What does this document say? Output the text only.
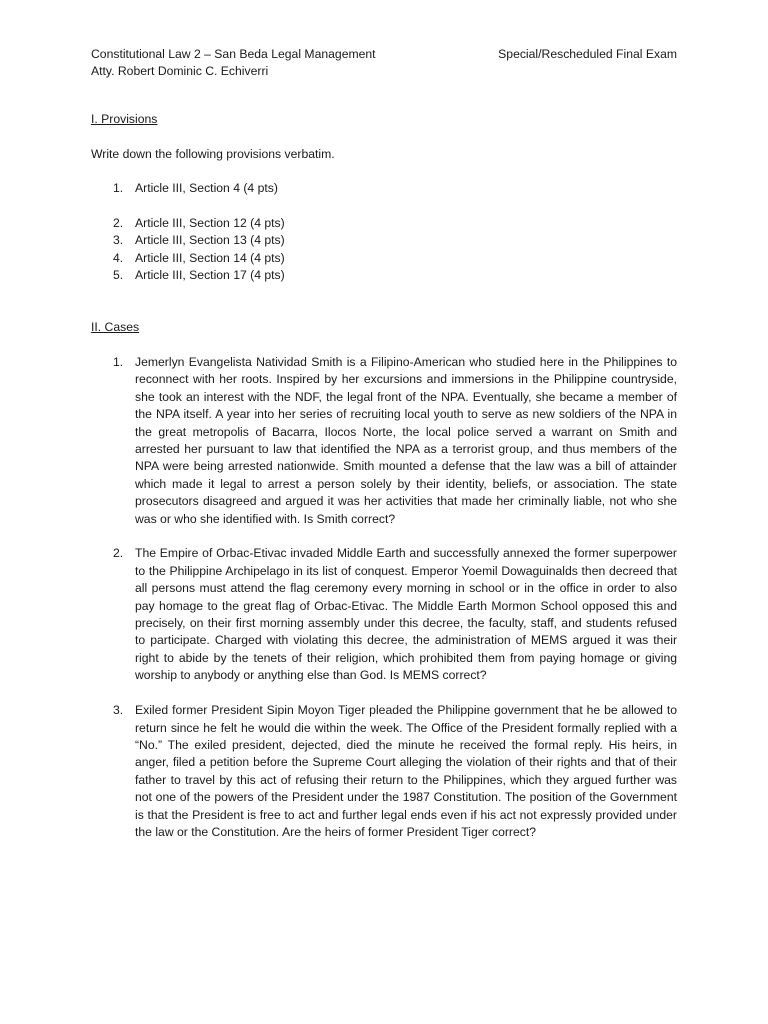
Constitutional Law 2 – San Beda Legal Management	Special/Rescheduled Final Exam
Atty. Robert Dominic C. Echiverri
I. Provisions
Write down the following provisions verbatim.
1. Article III, Section 4 (4 pts)
2. Article III, Section 12 (4 pts)
3. Article III, Section 13 (4 pts)
4. Article III, Section 14 (4 pts)
5. Article III, Section 17 (4 pts)
II. Cases
1. Jemerlyn Evangelista Natividad Smith is a Filipino-American who studied here in the Philippines to reconnect with her roots. Inspired by her excursions and immersions in the Philippine countryside, she took an interest with the NDF, the legal front of the NPA. Eventually, she became a member of the NPA itself. A year into her series of recruiting local youth to serve as new soldiers of the NPA in the great metropolis of Bacarra, Ilocos Norte, the local police served a warrant on Smith and arrested her pursuant to law that identified the NPA as a terrorist group, and thus members of the NPA were being arrested nationwide. Smith mounted a defense that the law was a bill of attainder which made it legal to arrest a person solely by their identity, beliefs, or association. The state prosecutors disagreed and argued it was her activities that made her criminally liable, not who she was or who she identified with. Is Smith correct?
2. The Empire of Orbac-Etivac invaded Middle Earth and successfully annexed the former superpower to the Philippine Archipelago in its list of conquest. Emperor Yoemil Dowaguinalds then decreed that all persons must attend the flag ceremony every morning in school or in the office in order to also pay homage to the great flag of Orbac-Etivac. The Middle Earth Mormon School opposed this and precisely, on their first morning assembly under this decree, the faculty, staff, and students refused to participate. Charged with violating this decree, the administration of MEMS argued it was their right to abide by the tenets of their religion, which prohibited them from paying homage or giving worship to anybody or anything else than God. Is MEMS correct?
3. Exiled former President Sipin Moyon Tiger pleaded the Philippine government that he be allowed to return since he felt he would die within the week. The Office of the President formally replied with a “No.” The exiled president, dejected, died the minute he received the formal reply. His heirs, in anger, filed a petition before the Supreme Court alleging the violation of their rights and that of their father to travel by this act of refusing their return to the Philippines, which they argued further was not one of the powers of the President under the 1987 Constitution. The position of the Government is that the President is free to act and further legal ends even if his act not expressly provided under the law or the Constitution. Are the heirs of former President Tiger correct?
